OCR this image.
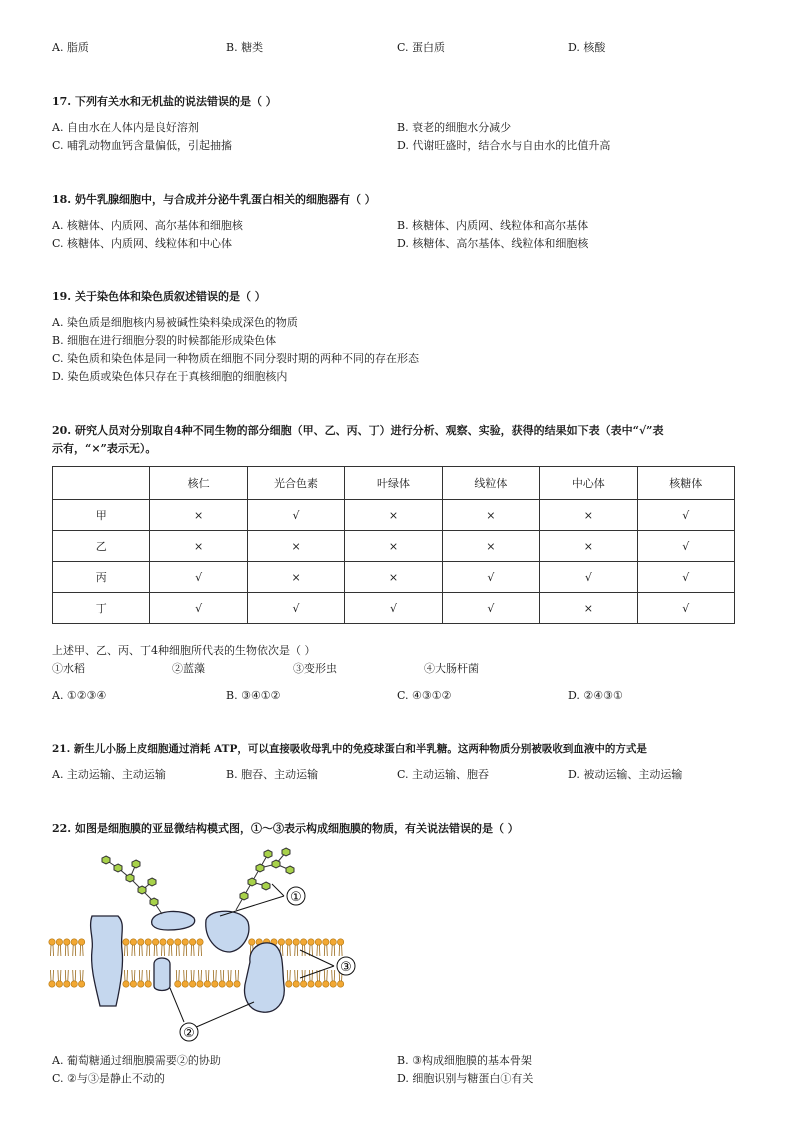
A. 脂质	B. 糖类	C. 蛋白质	D. 核酸
17. 下列有关水和无机盐的说法错误的是（ ）
A. 自由水在人体内是良好溶剂	B. 衰老的细胞水分减少
C. 哺乳动物血钙含量偏低，引起抽搐	D. 代谢旺盛时，结合水与自由水的比值升高
18. 奶牛乳腺细胞中，与合成并分泌牛乳蛋白相关的细胞器有（ ）
A. 核糖体、内质网、高尔基体和细胞核	B. 核糖体、内质网、线粒体和高尔基体
C. 核糖体、内质网、线粒体和中心体	D. 核糖体、高尔基体、线粒体和细胞核
19. 关于染色体和染色质叙述错误的是（ ）
A. 染色质是细胞核内易被碱性染料染成深色的物质
B. 细胞在进行细胞分裂的时候都能形成染色体
C. 染色质和染色体是同一种物质在细胞不同分裂时期的两种不同的存在形态
D. 染色质或染色体只存在于真核细胞的细胞核内
20. 研究人员对分别取自4种不同生物的部分细胞（甲、乙、丙、丁）进行分析、观察、实验，获得的结果如下表（表中“√”表
示有，“×”表示无）。
	核仁	光合色素	叶绿体	线粒体	中心体	核糖体
甲	×	√	×	×	×	√
乙	×	×	×	×	×	√
丙	√	×	×	√	√	√
丁	√	√	√	√	×	√
上述甲、乙、丙、丁4种细胞所代表的生物依次是（ ）
①水稻	②蓝藻	③变形虫	④大肠杆菌
A. ①②③④	B. ③④①②	C. ④③①②	D. ②④③①
21. 新生儿小肠上皮细胞通过消耗 ATP，可以直接吸收母乳中的免疫球蛋白和半乳糖。这两种物质分别被吸收到血液中的方式是
A. 主动运输、主动运输	B. 胞吞、主动运输	C. 主动运输、胞吞	D. 被动运输、主动运输
22. 如图是细胞膜的亚显微结构模式图，①～③表示构成细胞膜的物质，有关说法错误的是（ ）
①
②
③
A. 葡萄糖通过细胞膜需要②的协助	B. ③构成细胞膜的基本骨架
C. ②与③是静止不动的	D. 细胞识别与糖蛋白①有关
